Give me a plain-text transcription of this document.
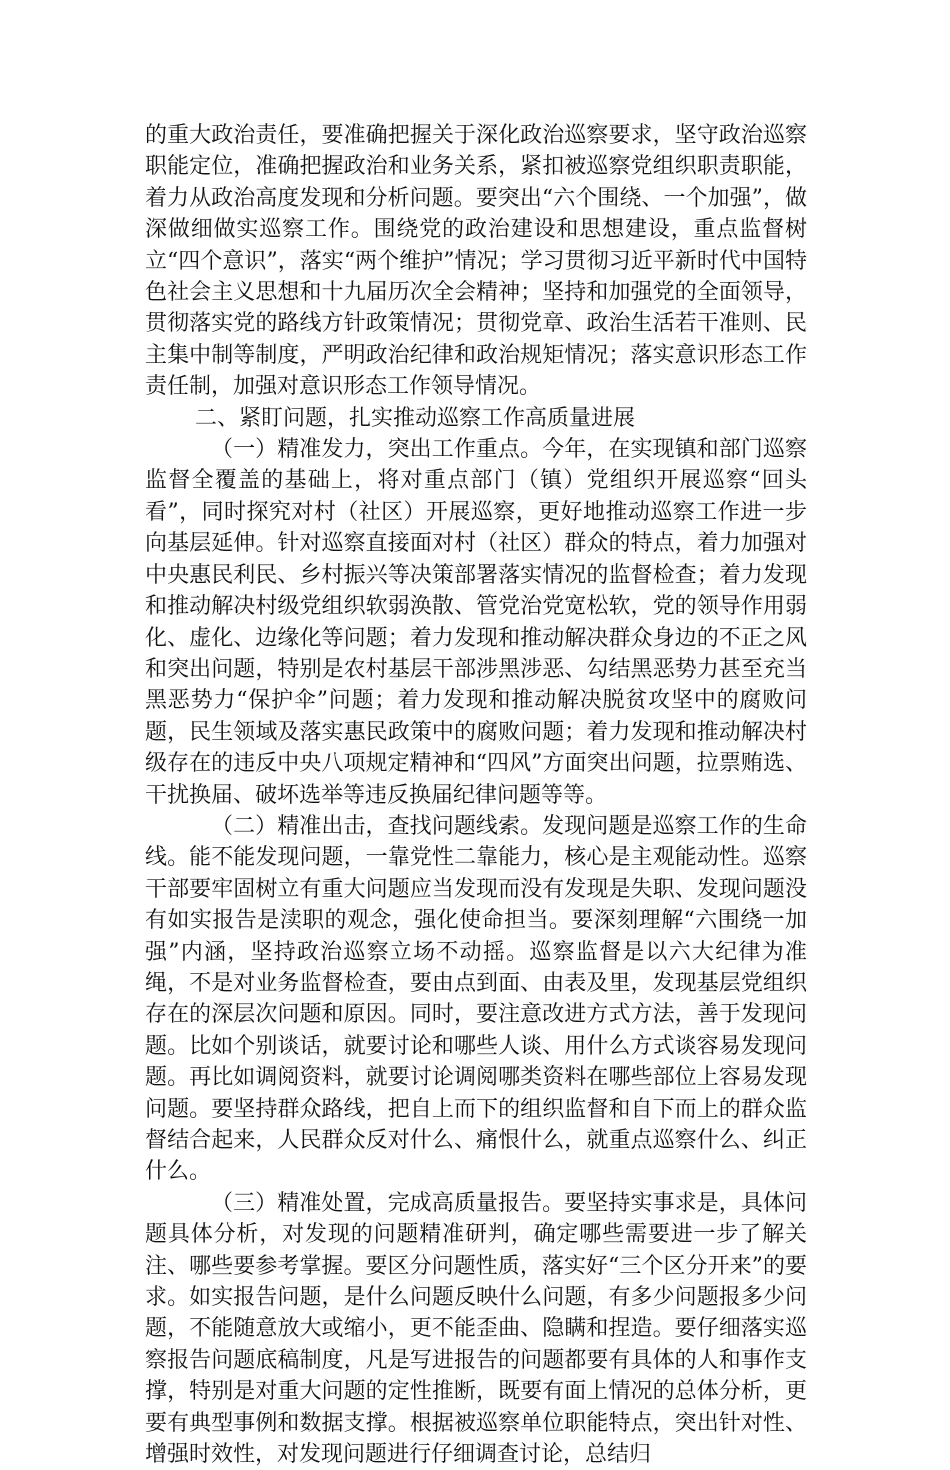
的重大政治责任，要准确把握关于深化政治巡察要求，坚守政治巡察职能定位，准确把握政治和业务关系，紧扣被巡察党组织职责职能，着力从政治高度发现和分析问题。要突出“六个围绕、一个加强”，做深做细做实巡察工作。围绕党的政治建设和思想建设，重点监督树立“四个意识”，落实“两个维护”情况；学习贯彻习近平新时代中国特色社会主义思想和十九届历次全会精神；坚持和加强党的全面领导，贯彻落实党的路线方针政策情况；贯彻党章、政治生活若干准则、民主集中制等制度，严明政治纪律和政治规矩情况；落实意识形态工作责任制，加强对意识形态工作领导情况。

二、紧盯问题，扎实推动巡察工作高质量进展

（一）精准发力，突出工作重点。今年，在实现镇和部门巡察监督全覆盖的基础上，将对重点部门（镇）党组织开展巡察“回头看”，同时探究对村（社区）开展巡察，更好地推动巡察工作进一步向基层延伸。针对巡察直接面对村（社区）群众的特点，着力加强对中央惠民利民、乡村振兴等决策部署落实情况的监督检查；着力发现和推动解决村级党组织软弱涣散、管党治党宽松软，党的领导作用弱化、虚化、边缘化等问题；着力发现和推动解决群众身边的不正之风和突出问题，特别是农村基层干部涉黑涉恶、勾结黑恶势力甚至充当黑恶势力“保护伞”问题；着力发现和推动解决脱贫攻坚中的腐败问题，民生领域及落实惠民政策中的腐败问题；着力发现和推动解决村级存在的违反中央八项规定精神和“四风”方面突出问题，拉票贿选、干扰换届、破坏选举等违反换届纪律问题等等。

（二）精准出击，查找问题线索。发现问题是巡察工作的生命线。能不能发现问题，一靠党性二靠能力，核心是主观能动性。巡察干部要牢固树立有重大问题应当发现而没有发现是失职、发现问题没有如实报告是渎职的观念，强化使命担当。要深刻理解“六围绕一加强”内涵，坚持政治巡察立场不动摇。巡察监督是以六大纪律为准绳，不是对业务监督检查，要由点到面、由表及里，发现基层党组织存在的深层次问题和原因。同时，要注意改进方式方法，善于发现问题。比如个别谈话，就要讨论和哪些人谈、用什么方式谈容易发现问题。再比如调阅资料，就要讨论调阅哪类资料在哪些部位上容易发现问题。要坚持群众路线，把自上而下的组织监督和自下而上的群众监督结合起来，人民群众反对什么、痛恨什么，就重点巡察什么、纠正什么。

（三）精准处置，完成高质量报告。要坚持实事求是，具体问题具体分析，对发现的问题精准研判，确定哪些需要进一步了解关注、哪些要参考掌握。要区分问题性质，落实好“三个区分开来”的要求。如实报告问题，是什么问题反映什么问题，有多少问题报多少问题，不能随意放大或缩小，更不能歪曲、隐瞒和捏造。要仔细落实巡察报告问题底稿制度，凡是写进报告的问题都要有具体的人和事作支撑，特别是对重大问题的定性推断，既要有面上情况的总体分析，更要有典型事例和数据支撑。根据被巡察单位职能特点，突出针对性、增强时效性，对发现问题进行仔细调查讨论，总结归
